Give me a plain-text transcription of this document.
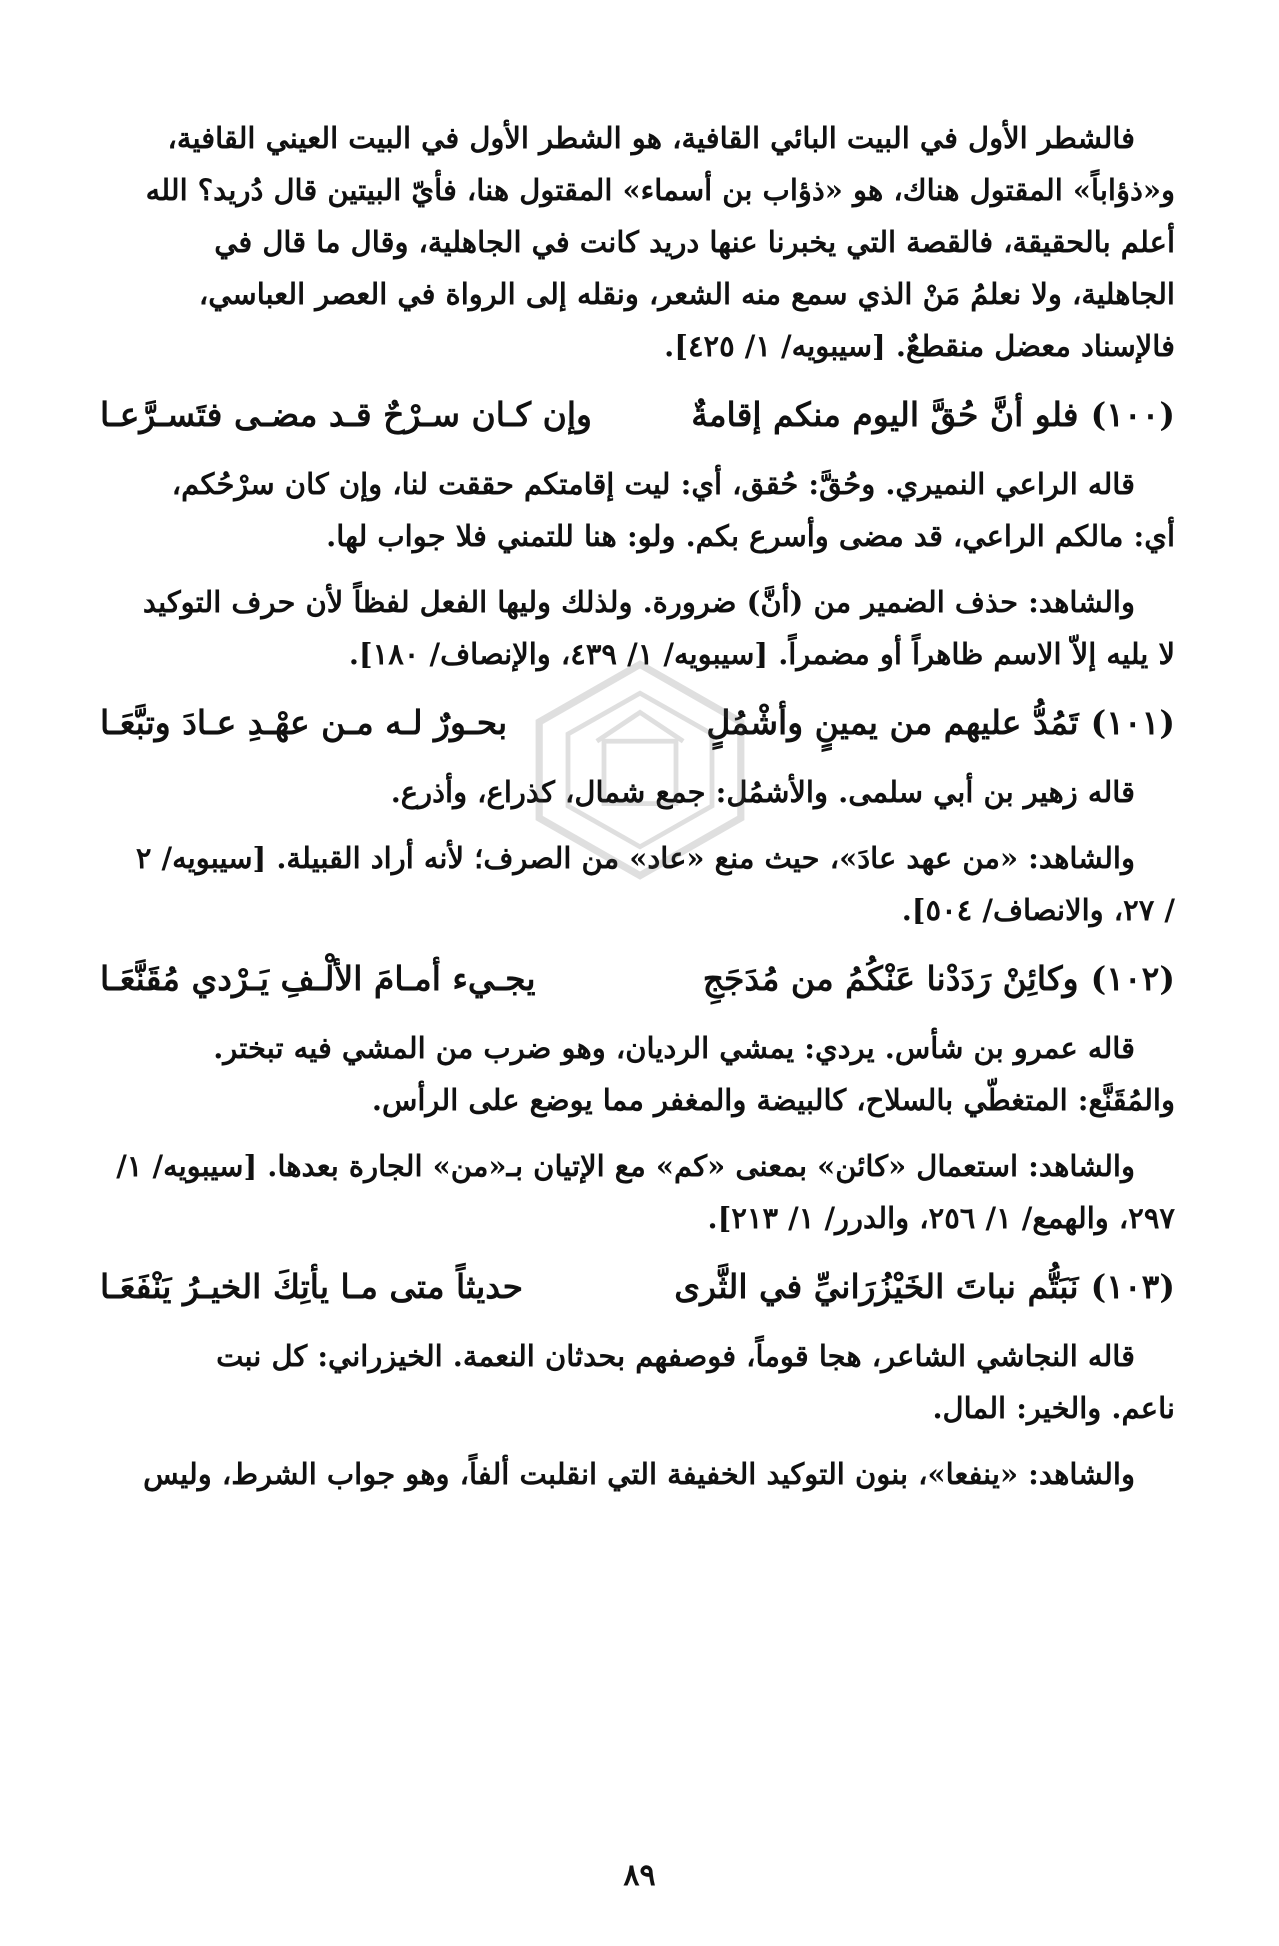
فالشطر الأول في البيت البائي القافية، هو الشطر الأول في البيت العيني القافية،

و«ذؤاباً» المقتول هناك، هو «ذؤاب بن أسماء» المقتول هنا، فأيّ البيتين قال دُريد؟ الله

أعلم بالحقيقة، فالقصة التي يخبرنا عنها دريد كانت في الجاهلية، وقال ما قال في

الجاهلية، ولا نعلمُ مَنْ الذي سمع منه الشعر، ونقله إلى الرواة في العصر العباسي،

فالإسناد معضل منقطعٌ. [سيبويه/ ١/ ٤٢٥].

(١٠٠)
فلو أنَّ حُقَّ اليوم منكم إقامةٌ
وإن كـان سـرْحٌ قـد مضـى فتَسـرَّعـا

قاله الراعي النميري. وحُقَّ: حُقق، أي: ليت إقامتكم حققت لنا، وإن كان سرْحُكم،

أي: مالكم الراعي، قد مضى وأسرع بكم. ولو: هنا للتمني فلا جواب لها.

والشاهد: حذف الضمير من (أنَّ) ضرورة. ولذلك وليها الفعل لفظاً لأن حرف التوكيد

لا يليه إلاّ الاسم ظاهراً أو مضمراً. [سيبويه/ ١/ ٤٣٩، والإنصاف/ ١٨٠].

(١٠١)
تَمُدُّ عليهم من يمينٍ وأشْمُلٍ
بحـورٌ لـه مـن عهْـدِ عـادَ وتبَّعَـا

قاله زهير بن أبي سلمى. والأشمُل: جمع شمال، كذراع، وأذرع.

والشاهد: «من عهد عادَ»، حيث منع «عاد» من الصرف؛ لأنه أراد القبيلة. [سيبويه/ ٢

/ ٢٧، والانصاف/ ٥٠٤].

(١٠٢)
وكائِنْ رَدَدْنا عَنْكُمُ من مُدَجَجِ
يجـيء أمـامَ الألْـفِ يَـرْدي مُقَنَّعَـا

قاله عمرو بن شأس. يردي: يمشي الرديان، وهو ضرب من المشي فيه تبختر.

والمُقَنَّع: المتغطّي بالسلاح، كالبيضة والمغفر مما يوضع على الرأس.

والشاهد: استعمال «كائن» بمعنى «كم» مع الإتيان بـ«من» الجارة بعدها. [سيبويه/ ١/

٢٩٧، والهمع/ ١/ ٢٥٦، والدرر/ ١/ ٢١٣].

(١٠٣)
نَبَتُّم نباتَ الخَيْزُرَانيِّ في الثَّرى
حديثاً متى مـا يأتِكَ الخيـرُ يَنْفَعَـا

قاله النجاشي الشاعر، هجا قوماً، فوصفهم بحدثان النعمة. الخيزراني: كل نبت

ناعم. والخير: المال.

والشاهد: «ينفعا»، بنون التوكيد الخفيفة التي انقلبت ألفاً، وهو جواب الشرط، وليس

٨٩
